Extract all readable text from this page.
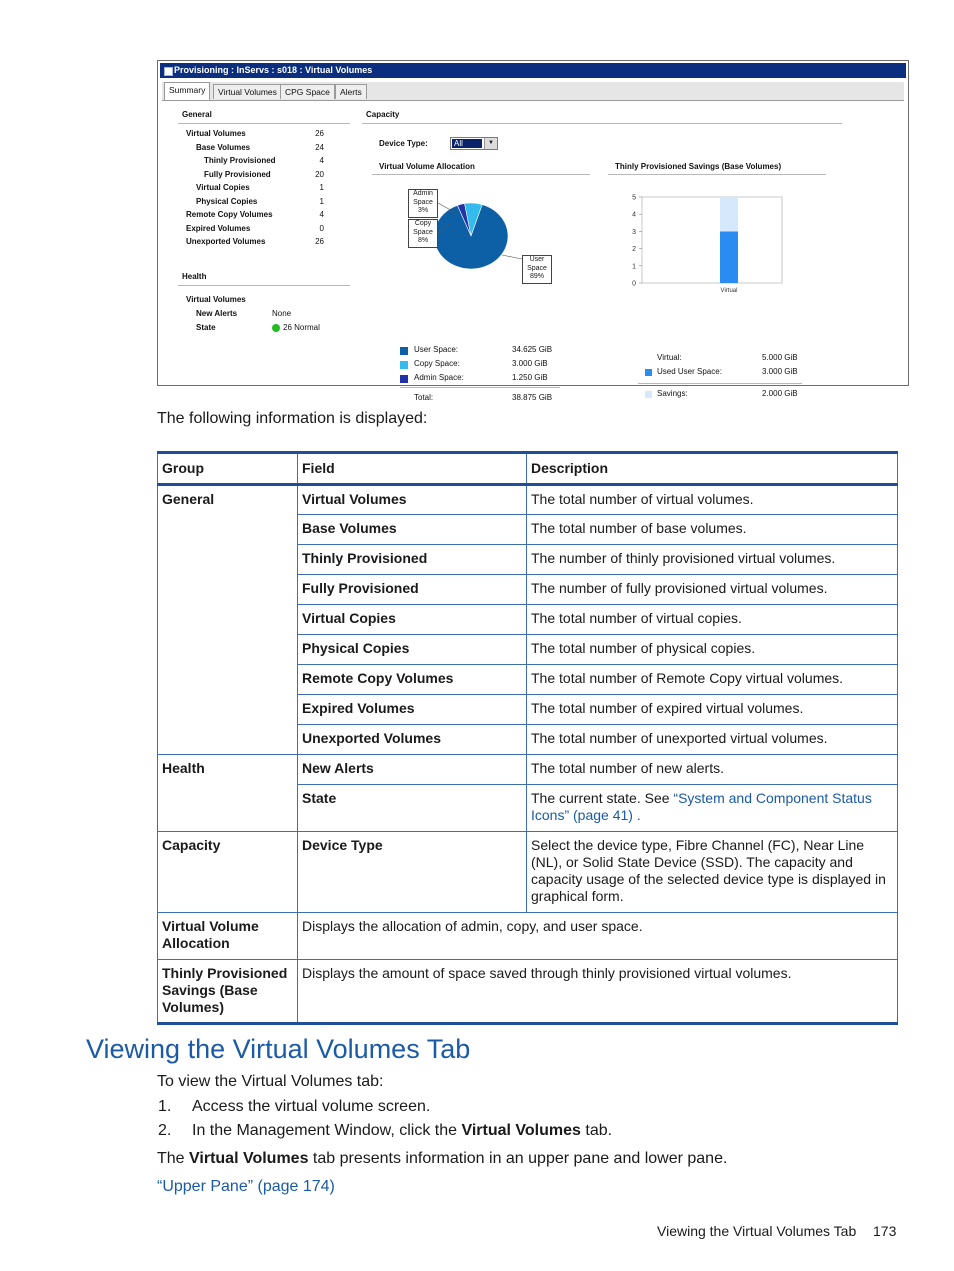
Provisioning : InServs : s018 : Virtual Volumes
Summary	Virtual Volumes CPG Space	Alerts
General
Virtual Volumes	26
Base Volumes	24
Thinly Provisioned	4
Fully Provisioned	20
Virtual Copies	1
Physical Copies	1
Remote Copy Volumes	4
Expired Volumes	0
Unexported Volumes	26
Health
Virtual Volumes
New Alerts	None
State	26 Normal
Capacity
Device Type:	All	▼
Virtual Volume Allocation	Thinly Provisioned Savings (Base Volumes)
Admin
Space
3%
Copy
Space
8%
User
Space
89%
User Space:	34.625 GiB
Copy Space:	3.000 GiB
Admin Space:	1.250 GiB
Total:	38.875 GiB
5
4
3
2
1
0
Virtual
Virtual:	5.000 GiB
Used User Space:	3.000 GiB
Savings:	2.000 GiB
The following information is displayed:
Group	Field	Description
General	Virtual Volumes	The total number of virtual volumes.
	Base Volumes	The total number of base volumes.
	Thinly Provisioned	The number of thinly provisioned virtual volumes.
	Fully Provisioned	The number of fully provisioned virtual volumes.
	Virtual Copies	The total number of virtual copies.
	Physical Copies	The total number of physical copies.
	Remote Copy Volumes	The total number of Remote Copy virtual volumes.
	Expired Volumes	The total number of expired virtual volumes.
	Unexported Volumes	The total number of unexported virtual volumes.
Health	New Alerts	The total number of new alerts.
	State	The current state. See “System and Component Status Icons” (page 41) .
Capacity	Device Type	Select the device type, Fibre Channel (FC), Near Line (NL), or Solid State Device (SSD). The capacity and capacity usage of the selected device type is displayed in graphical form.
Virtual Volume Allocation	Displays the allocation of admin, copy, and user space.	
Thinly Provisioned Savings (Base Volumes)	Displays the amount of space saved through thinly provisioned virtual volumes.	
Viewing the Virtual Volumes Tab
To view the Virtual Volumes tab:
1. Access the virtual volume screen.
2. In the Management Window, click the Virtual Volumes tab.
The Virtual Volumes tab presents information in an upper pane and lower pane.
“Upper Pane” (page 174)
Viewing the Virtual Volumes Tab 173
